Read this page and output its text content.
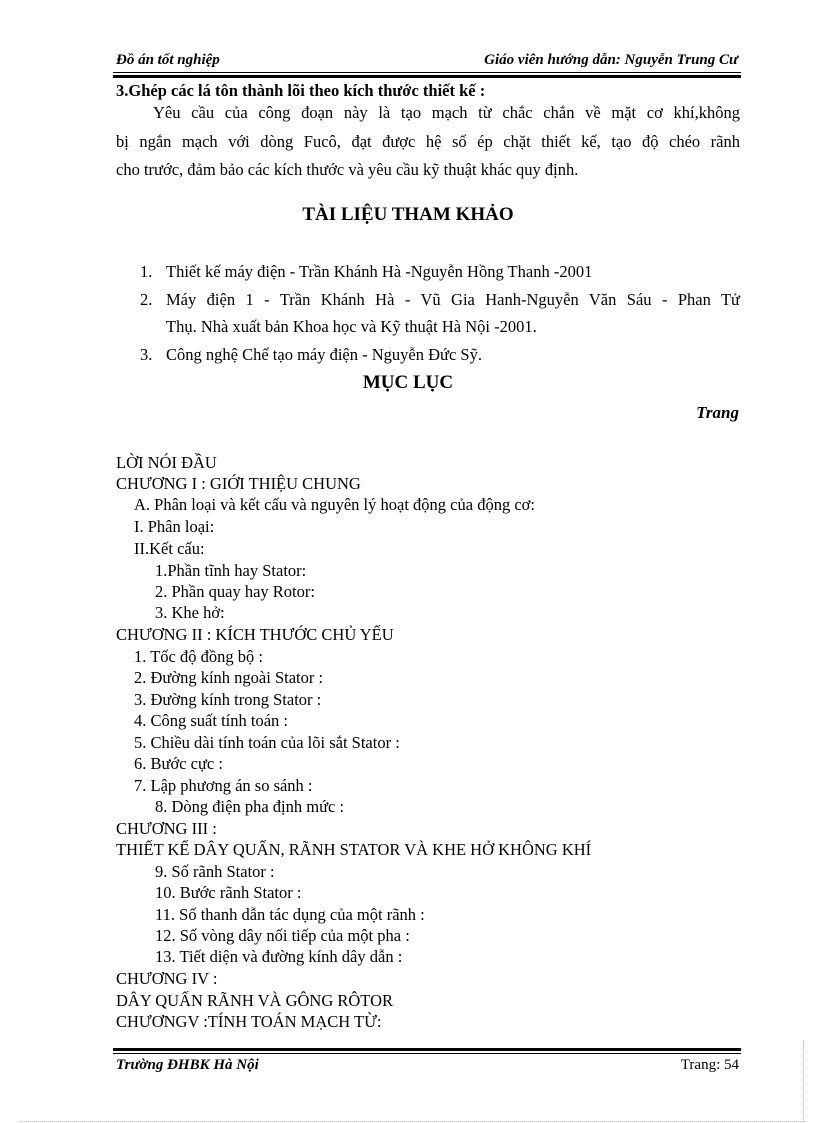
Đồ án tốt nghiệp	Giáo viên hướng dẫn: Nguyễn Trung Cư
3.Ghép các lá tôn thành lõi theo kích thước thiết kế :
Yêu cầu của công đoạn này là tạo mạch từ chắc chắn về mặt cơ khí,không
bị ngắn mạch với dòng Fucô, đạt được hệ số ép chặt thiết kế, tạo độ chéo rãnh
cho trước, đảm bảo các kích thước và yêu cầu kỹ thuật khác quy định.
TÀI LIỆU THAM KHẢO
1. Thiết kế máy điện - Trần Khánh Hà -Nguyễn Hồng Thanh -2001
2. Máy điện 1 - Trần Khánh Hà - Vũ Gia Hanh-Nguyễn Văn Sáu - Phan Tử
Thụ. Nhà xuất bản Khoa học và Kỹ thuật Hà Nội -2001.
3. Công nghệ Chế tạo máy điện - Nguyễn Đức Sỹ.
MỤC LỤC
Trang
LỜI NÓI ĐẦU
CHƯƠNG I : GIỚI THIỆU CHUNG
A. Phân loại và kết cấu và nguyên lý hoạt động của động cơ:
I. Phân loại:
II.Kết cấu:
1.Phần tĩnh hay Stator:
2. Phần quay hay Rotor:
3. Khe hở:
CHƯƠNG II : KÍCH THƯỚC CHỦ YẾU
1. Tốc độ đồng bộ :
2. Đường kính ngoài Stator :
3. Đường kính trong Stator :
4. Công suất tính toán :
5. Chiều dài tính toán của lõi sắt Stator :
6. Bước cực :
7. Lập phương án so sánh :
8. Dòng điện pha định mức :
CHƯƠNG III :
THIẾT KẾ DÂY QUẤN, RÃNH STATOR VÀ KHE HỞ KHÔNG KHÍ
9. Số rãnh Stator :
10. Bước rãnh Stator :
11. Số thanh dẫn tác dụng của một rãnh :
12. Số vòng dây nối tiếp của một pha :
13. Tiết diện và đường kính dây dẫn :
CHƯƠNG IV :
DÂY QUẤN RÃNH VÀ GÔNG RÔTOR
CHƯƠNGV :TÍNH TOÁN MẠCH TỪ:
Trường ĐHBK Hà Nội	Trang: 54
